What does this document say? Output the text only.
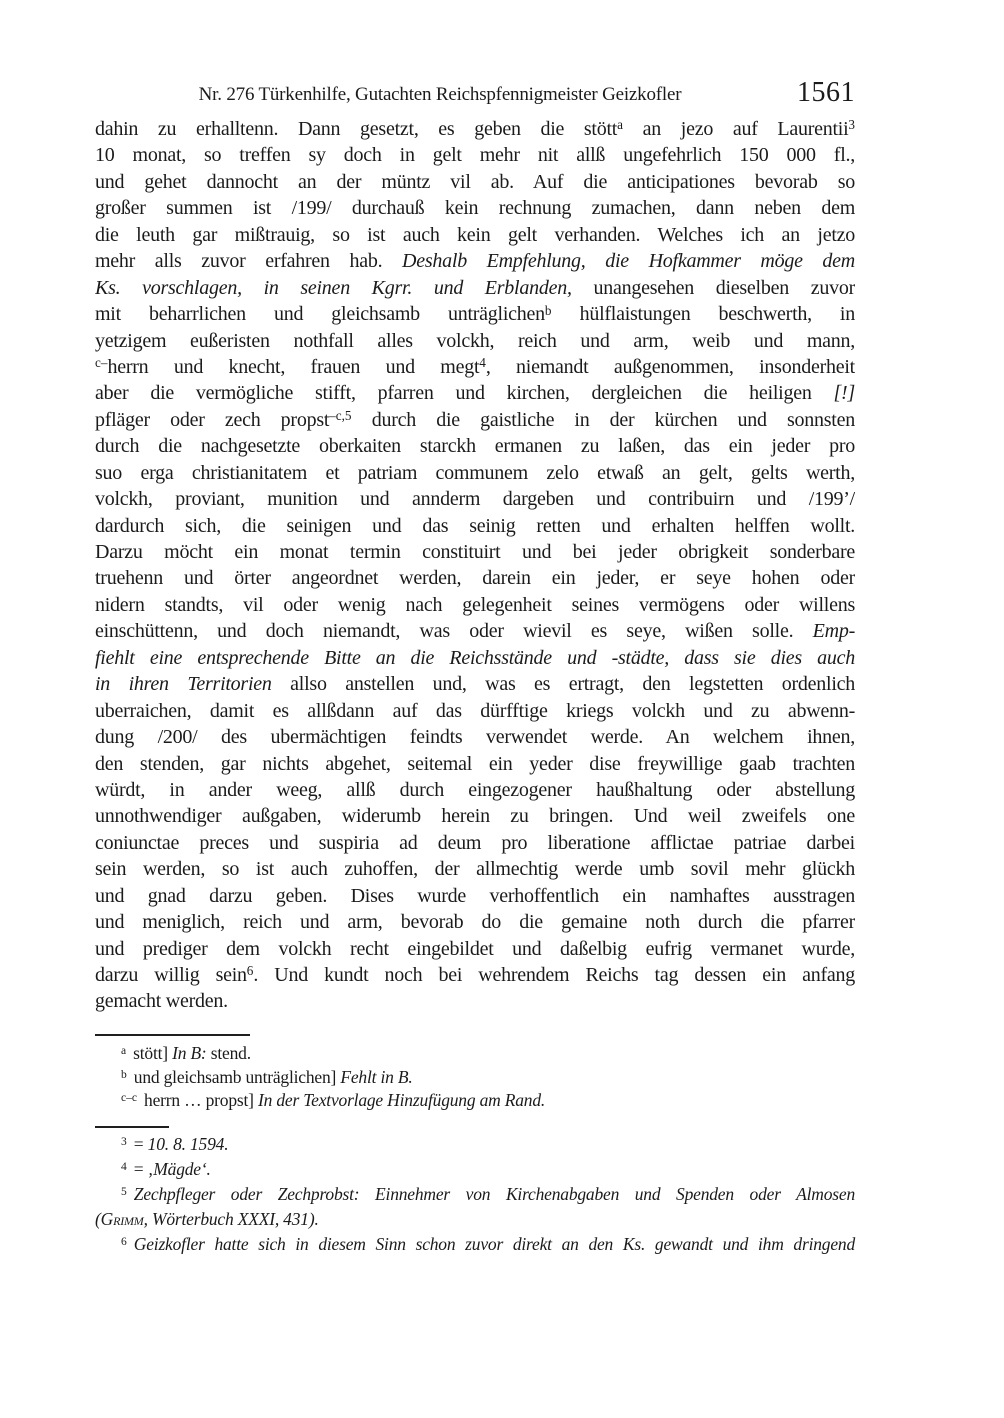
Nr. 276 Türkenhilfe, Gutachten Reichspfennigmeister Geizkofler	1561
dahin zu erhalltenn. Dann gesetzt, es geben die stött$^a$ an jezo auf Laurentii$^3$
10 monat, so treffen sy doch in gelt mehr nit allß ungefehrlich 150 000 fl.,
und gehet dannocht an der müntz vil ab. Auf die anticipationes bevorab so
großer summen ist /199/ durchauß kein rechnung zumachen, dann neben dem
die leuth gar mißtrauig, so ist auch kein gelt verhanden. Welches ich an jetzo
mehr alls zuvor erfahren hab. Deshalb Empfehlung, die Hofkammer möge dem
Ks. vorschlagen, in seinen Kgrr. und Erblanden, unangesehen dieselben zuvor
mit beharrlichen und gleichsamb unträglichen$^b$ hülflaistungen beschwerth, in
yetzigem eußeristen nothfall alles volckh, reich und arm, weib und mann,
$^{c-}$herrn und knecht, frauen und megt$^4$, niemandt außgenommen, insonderheit
aber die vermögliche stifft, pfarren und kirchen, dergleichen die heiligen [!]
pfläger oder zech propst$^{-c,5}$ durch die gaistliche in der kürchen und sonnsten
durch die nachgesetzte oberkaiten starckh ermanen zu laßen, das ein jeder pro
suo erga christianitatem et patriam communem zelo etwaß an gelt, gelts werth,
volckh, proviant, munition und annderm dargeben und contribuirn und /199’/
dardurch sich, die seinigen und das seinig retten und erhalten helffen wollt.
Darzu möcht ein monat termin constituirt und bei jeder obrigkeit sonderbare
truehenn und örter angeordnet werden, darein ein jeder, er seye hohen oder
nidern standts, vil oder wenig nach gelegenheit seines vermögens oder willens
einschüttenn, und doch niemandt, was oder wievil es seye, wißen solle. Emp-
fiehlt eine entsprechende Bitte an die Reichsstände und -städte, dass sie dies auch
in ihren Territorien allso anstellen und, was es ertragt, den legstetten ordenlich
uberraichen, damit es allßdann auf das dürfftige kriegs volckh und zu abwenn-
dung /200/ des ubermächtigen feindts verwendet werde. An welchem ihnen,
den stenden, gar nichts abgehet, seitemal ein yeder dise freywillige gaab trachten
würdt, in ander weeg, allß durch eingezogener haußhaltung oder abstellung
unnothwendiger außgaben, widerumb herein zu bringen. Und weil zweifels one
coniunctae preces und suspiria ad deum pro liberatione afflictae patriae darbei
sein werden, so ist auch zuhoffen, der allmechtig werde umb sovil mehr glückh
und gnad darzu geben. Dises wurde verhoffentlich ein namhaftes ausstragen
und meniglich, reich und arm, bevorab do die gemaine noth durch die pfarrer
und prediger dem volckh recht eingebildet und daßelbig eufrig vermanet wurde,
darzu willig sein$^6$. Und kundt noch bei wehrendem Reichs tag dessen ein anfang
gemacht werden.
$^a$ stött] In B: stend.
$^b$ und gleichsamb unträglichen] Fehlt in B.
$^{c-c}$ herrn … propst] In der Textvorlage Hinzufügung am Rand.
$^3$ = 10. 8. 1594.
$^4$ = ‚Mägde‘.
$^5$ Zechpfleger oder Zechprobst: Einnehmer von Kirchenabgaben und Spenden oder Almosen
(Grimm, Wörterbuch XXXI, 431).
$^6$ Geizkofler hatte sich in diesem Sinn schon zuvor direkt an den Ks. gewandt und ihm dringend
